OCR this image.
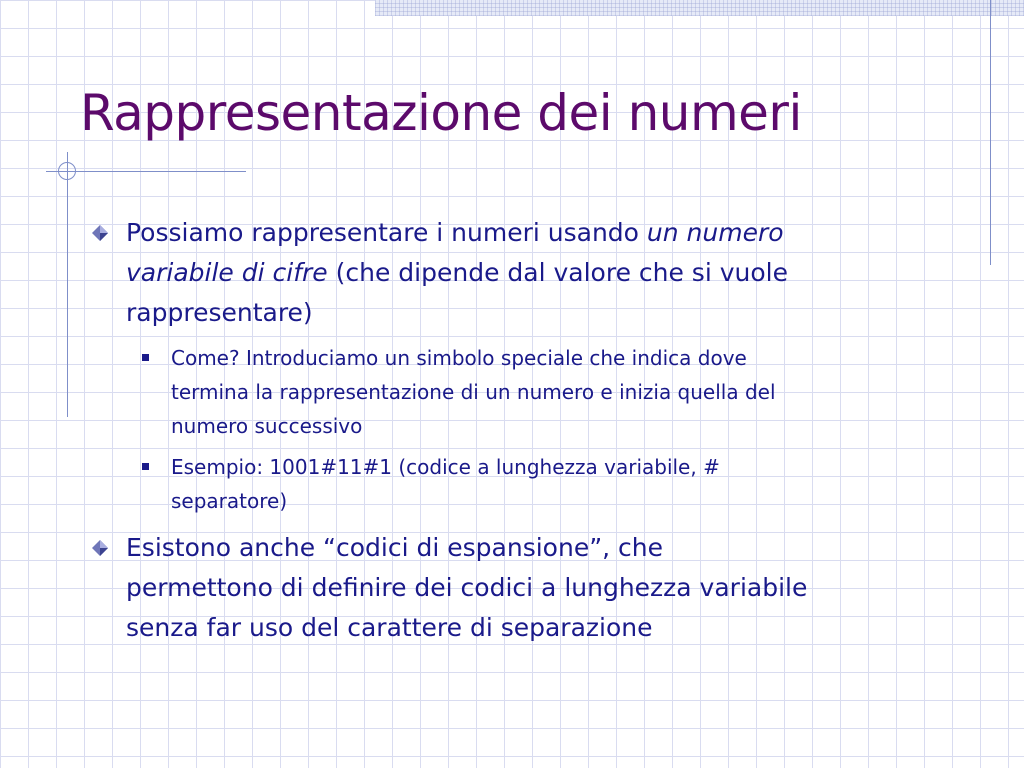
Rappresentazione dei numeri
Possiamo rappresentare i numeri usando un numero
variabile di cifre (che dipende dal valore che si vuole
rappresentare)
Come? Introduciamo un simbolo speciale che indica dove
termina la rappresentazione di un numero e inizia quella del
numero successivo
Esempio: 1001#11#1 (codice a lunghezza variabile, #
separatore)
Esistono anche “codici di espansione”, che
permettono di definire dei codici a lunghezza variabile
senza far uso del carattere di separazione
